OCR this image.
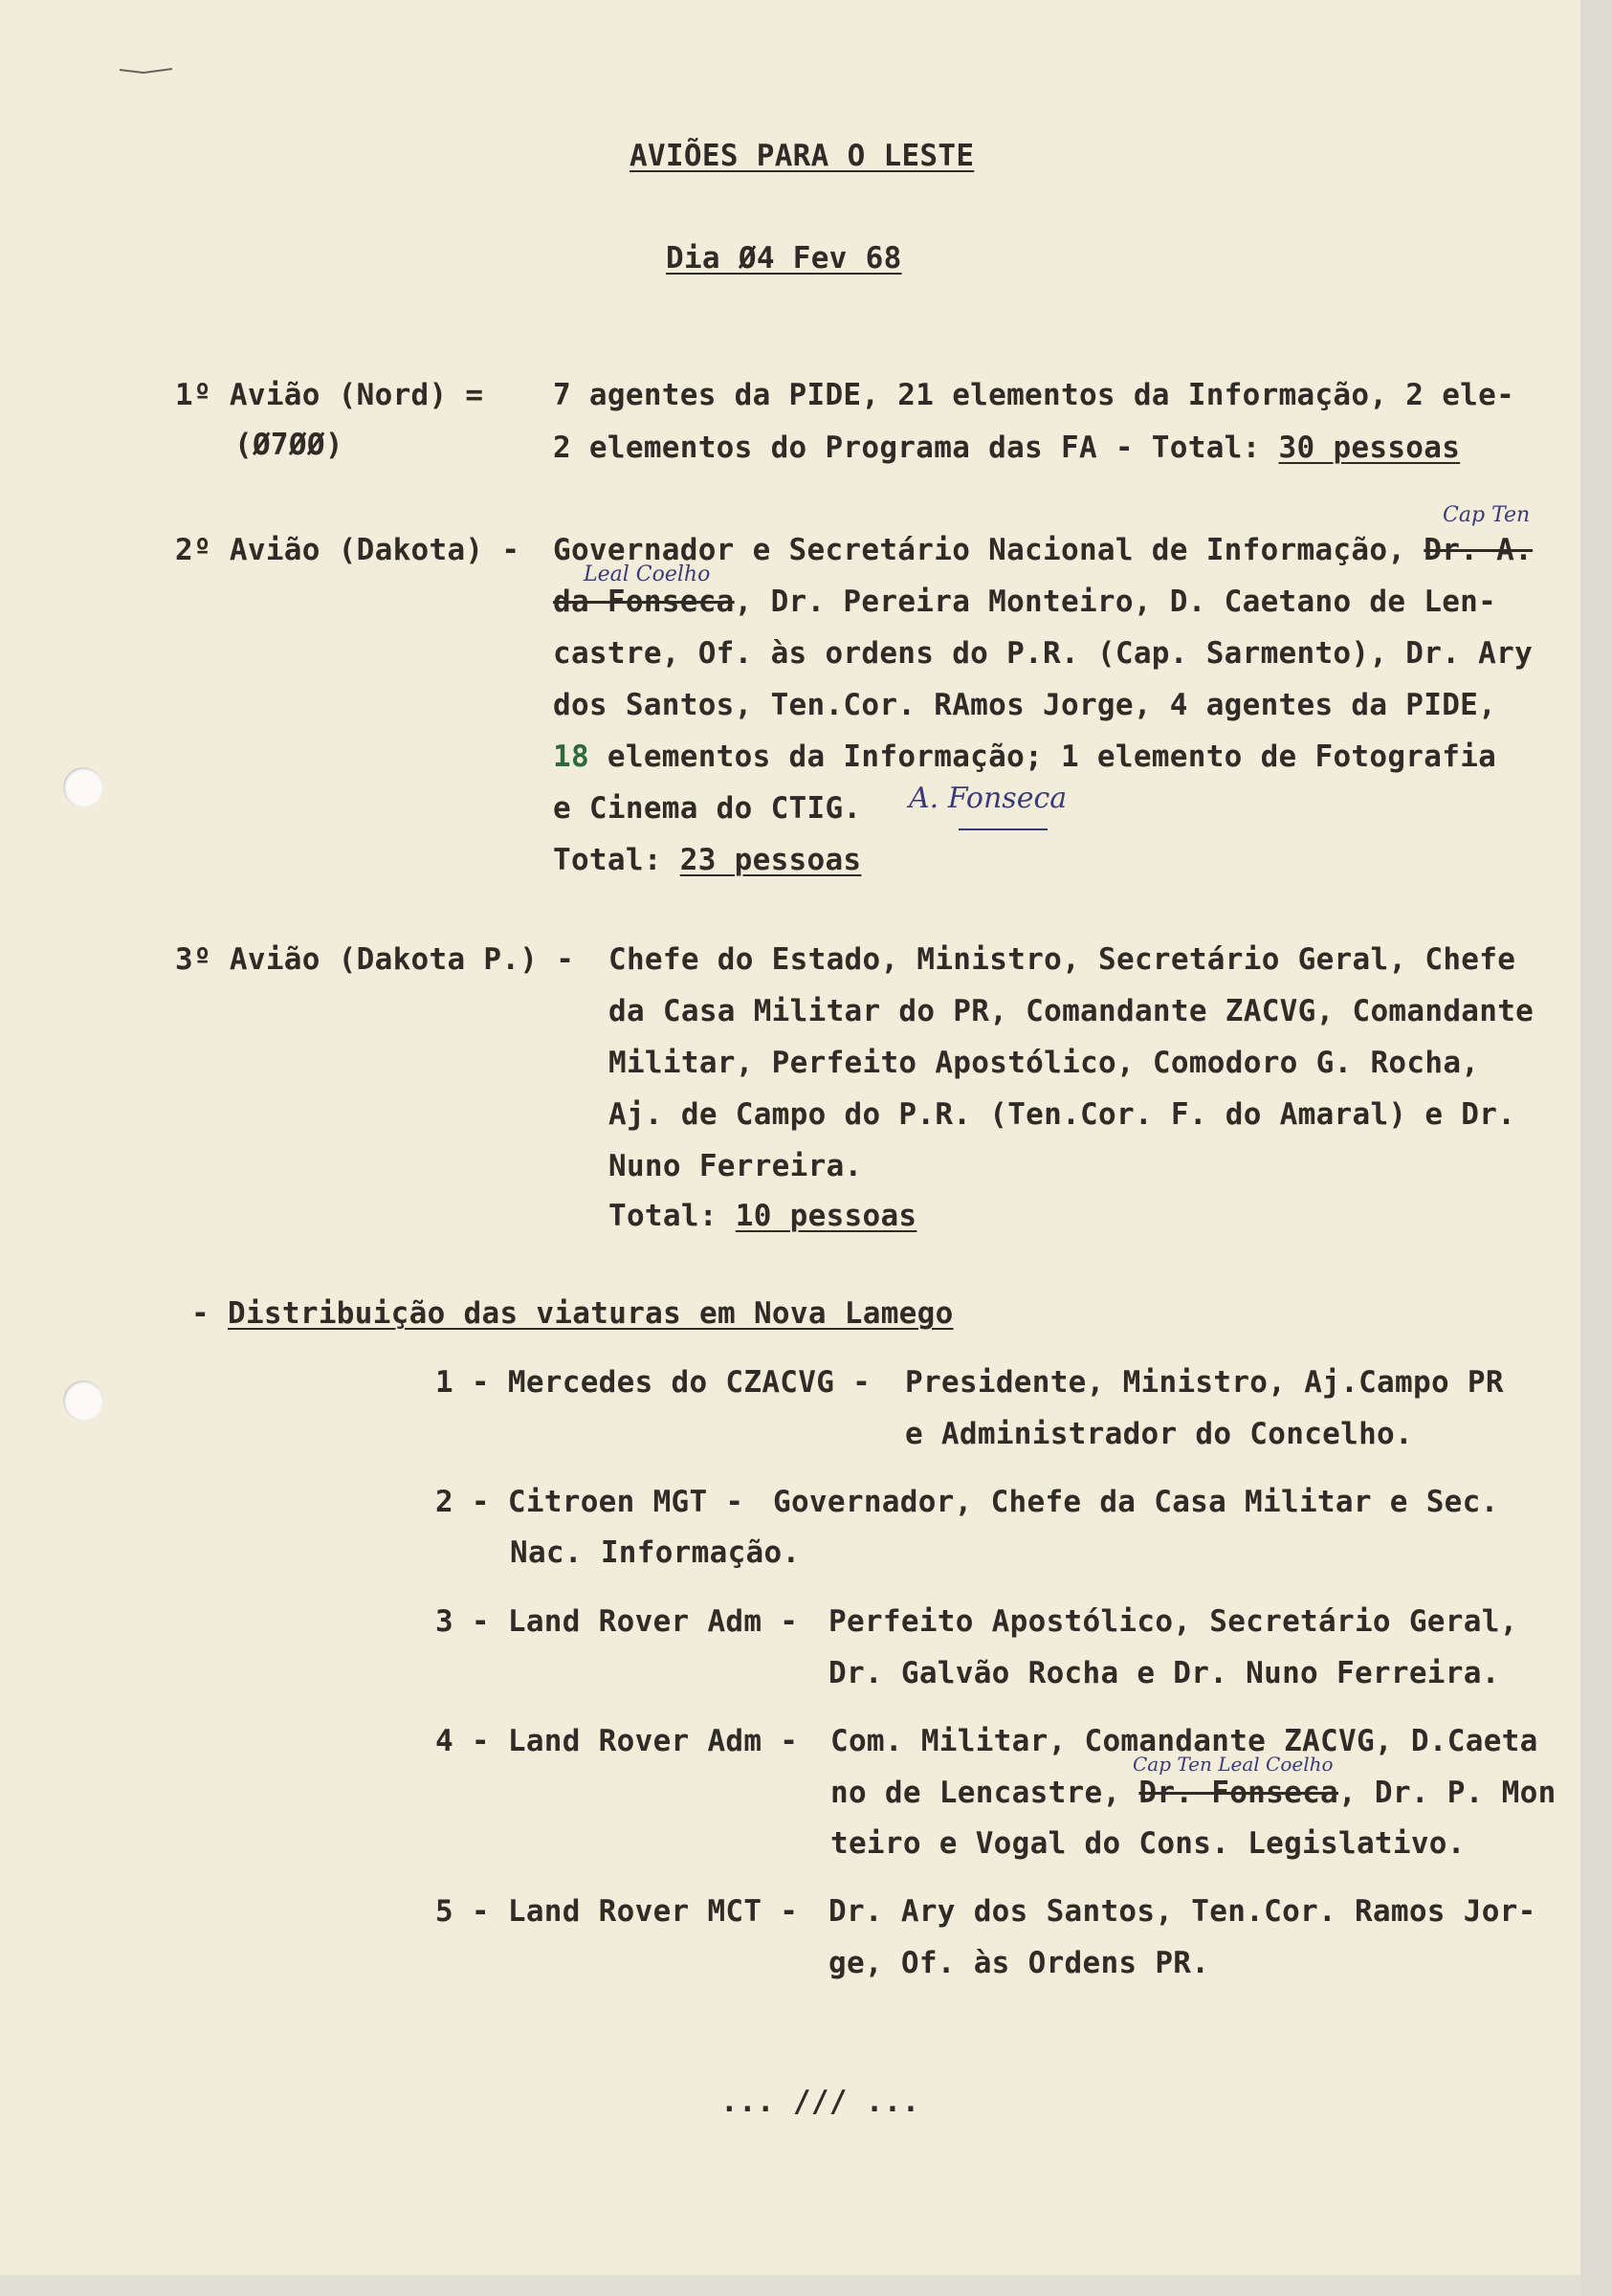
AVIÕES PARA O LESTE
Dia Ø4 Fev 68
1º Avião (Nord) =
(Ø7ØØ)
7 agentes da PIDE, 21 elementos da Informação, 2 ele-
2 elementos do Programa das FA - Total: 30 pessoas
2º Avião (Dakota) -
Cap Ten
Governador e Secretário Nacional de Informação, Dr. A.
Leal Coelho
da Fonseca, Dr. Pereira Monteiro, D. Caetano de Len-
castre, Of. às ordens do P.R. (Cap. Sarmento), Dr. Ary
dos Santos, Ten.Cor. RAmos Jorge, 4 agentes da PIDE,
18 elementos da Informação; 1 elemento de Fotografia
e Cinema do CTIG. A. Fonseca
Total: 23 pessoas
3º Avião (Dakota P.) - Chefe do Estado, Ministro, Secretário Geral, Chefe
da Casa Militar do PR, Comandante ZACVG, Comandante
Militar, Perfeito Apostólico, Comodoro G. Rocha,
Aj. de Campo do P.R. (Ten.Cor. F. do Amaral) e Dr.
Nuno Ferreira.
Total: 10 pessoas
- Distribuição das viaturas em Nova Lamego
1 - Mercedes do CZACVG - Presidente, Ministro, Aj.Campo PR
e Administrador do Concelho.
2 - Citroen MGT - Governador, Chefe da Casa Militar e Sec.
Nac. Informação.
3 - Land Rover Adm - Perfeito Apostólico, Secretário Geral,
Dr. Galvão Rocha e Dr. Nuno Ferreira.
4 - Land Rover Adm - Com. Militar, Comandante ZACVG, D.Caeta
Cap Ten Leal Coelho
no de Lencastre, Dr. Fonseca, Dr. P. Mon
teiro e Vogal do Cons. Legislativo.
5 - Land Rover MCT - Dr. Ary dos Santos, Ten.Cor. Ramos Jor-
ge, Of. às Ordens PR.
... /// ...
